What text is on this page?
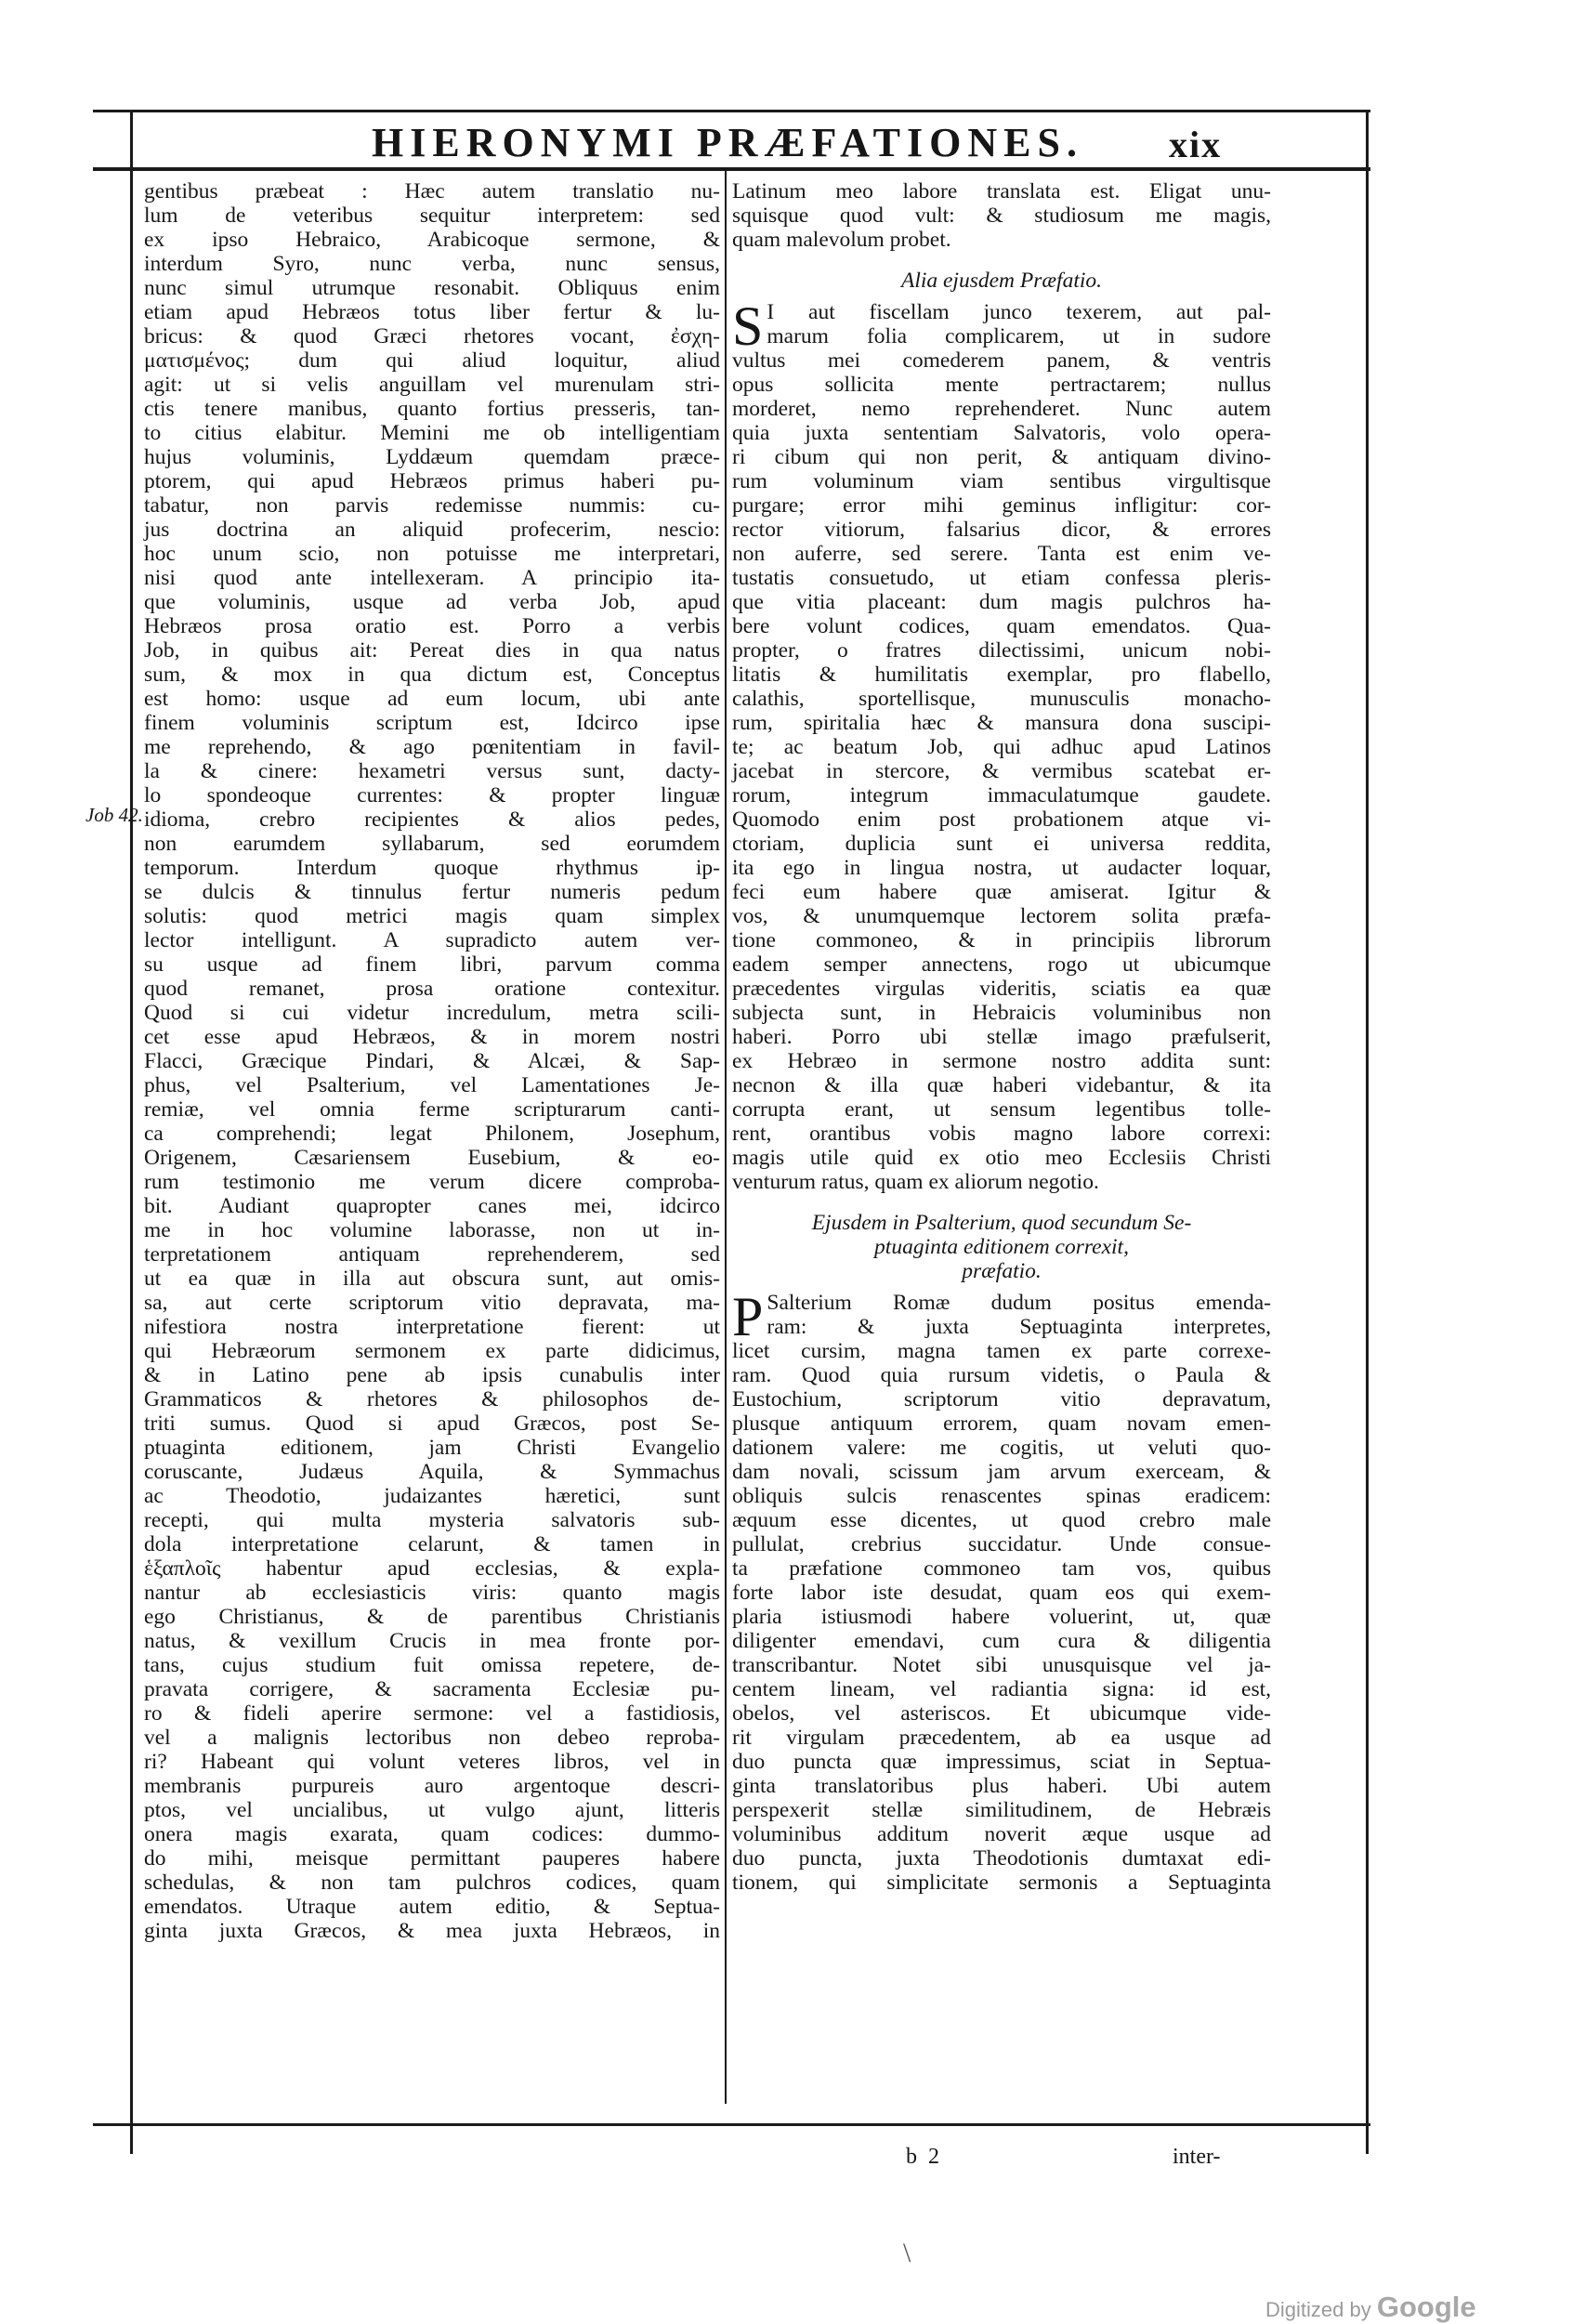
HIERONYMI PRÆFATIONES.	xix
Job 42.
gentibus præbeat : Hæc autem translatio nu-
lum de veteribus sequitur interpretem: sed
ex ipso Hebraico, Arabicoque sermone, &
interdum Syro, nunc verba, nunc sensus,
nunc simul utrumque resonabit. Obliquus enim
etiam apud Hebræos totus liber fertur & lu-
bricus: & quod Græci rhetores vocant, ἐσχη-
ματισμένος; dum qui aliud loquitur, aliud
agit: ut si velis anguillam vel murenulam stri-
ctis tenere manibus, quanto fortius presseris, tan-
to citius elabitur. Memini me ob intelligentiam
hujus voluminis, Lyddæum quemdam præce-
ptorem, qui apud Hebræos primus haberi pu-
tabatur, non parvis redemisse nummis: cu-
jus doctrina an aliquid profecerim, nescio:
hoc unum scio, non potuisse me interpretari,
nisi quod ante intellexeram. A principio ita-
que voluminis, usque ad verba Job, apud
Hebræos prosa oratio est. Porro a verbis
Job, in quibus ait: Pereat dies in qua natus
sum, & mox in qua dictum est, Conceptus
est homo: usque ad eum locum, ubi ante
finem voluminis scriptum est, Idcirco ipse
me reprehendo, & ago pœnitentiam in favil-
la & cinere: hexametri versus sunt, dacty-
lo spondeoque currentes: & propter linguæ
idioma, crebro recipientes & alios pedes,
non earumdem syllabarum, sed eorumdem
temporum. Interdum quoque rhythmus ip-
se dulcis & tinnulus fertur numeris pedum
solutis: quod metrici magis quam simplex
lector intelligunt. A supradicto autem ver-
su usque ad finem libri, parvum comma
quod remanet, prosa oratione contexitur.
Quod si cui videtur incredulum, metra scili-
cet esse apud Hebræos, & in morem nostri
Flacci, Græcique Pindari, & Alcæi, & Sap-
phus, vel Psalterium, vel Lamentationes Je-
remiæ, vel omnia ferme scripturarum canti-
ca comprehendi; legat Philonem, Josephum,
Origenem, Cæsariensem Eusebium, & eo-
rum testimonio me verum dicere comproba-
bit. Audiant quapropter canes mei, idcirco
me in hoc volumine laborasse, non ut in-
terpretationem antiquam reprehenderem, sed
ut ea quæ in illa aut obscura sunt, aut omis-
sa, aut certe scriptorum vitio depravata, ma-
nifestiora nostra interpretatione fierent: ut
qui Hebræorum sermonem ex parte didicimus,
& in Latino pene ab ipsis cunabulis inter
Grammaticos & rhetores & philosophos de-
triti sumus. Quod si apud Græcos, post Se-
ptuaginta editionem, jam Christi Evangelio
coruscante, Judæus Aquila, & Symmachus
ac Theodotio, judaizantes hæretici, sunt
recepti, qui multa mysteria salvatoris sub-
dola interpretatione celarunt, & tamen in
ἑξαπλοῖς habentur apud ecclesias, & expla-
nantur ab ecclesiasticis viris: quanto magis
ego Christianus, & de parentibus Christianis
natus, & vexillum Crucis in mea fronte por-
tans, cujus studium fuit omissa repetere, de-
pravata corrigere, & sacramenta Ecclesiæ pu-
ro & fideli aperire sermone: vel a fastidiosis,
vel a malignis lectoribus non debeo reproba-
ri? Habeant qui volunt veteres libros, vel in
membranis purpureis auro argentoque descri-
ptos, vel uncialibus, ut vulgo ajunt, litteris
onera magis exarata, quam codices: dummo-
do mihi, meisque permittant pauperes habere
schedulas, & non tam pulchros codices, quam
emendatos. Utraque autem editio, & Septua-
ginta juxta Græcos, & mea juxta Hebræos, in
Latinum meo labore translata est. Eligat unu-
squisque quod vult: & studiosum me magis,
quam malevolum probet.
Alia ejusdem Præfatio.
S I aut fiscellam junco texerem, aut pal-
marum folia complicarem, ut in sudore
vultus mei comederem panem, & ventris
opus sollicita mente pertractarem; nullus
morderet, nemo reprehenderet. Nunc autem
quia juxta sententiam Salvatoris, volo opera-
ri cibum qui non perit, & antiquam divino-
rum voluminum viam sentibus virgultisque
purgare; error mihi geminus infligitur: cor-
rector vitiorum, falsarius dicor, & errores
non auferre, sed serere. Tanta est enim ve-
tustatis consuetudo, ut etiam confessa pleris-
que vitia placeant: dum magis pulchros ha-
bere volunt codices, quam emendatos. Qua-
propter, o fratres dilectissimi, unicum nobi-
litatis & humilitatis exemplar, pro flabello,
calathis, sportellisque, munusculis monacho-
rum, spiritalia hæc & mansura dona suscipi-
te; ac beatum Job, qui adhuc apud Latinos
jacebat in stercore, & vermibus scatebat er-
rorum, integrum immaculatumque gaudete.
Quomodo enim post probationem atque vi-
ctoriam, duplicia sunt ei universa reddita,
ita ego in lingua nostra, ut audacter loquar,
feci eum habere quæ amiserat. Igitur &
vos, & unumquemque lectorem solita præfa-
tione commoneo, & in principiis librorum
eadem semper annectens, rogo ut ubicumque
præcedentes virgulas videritis, sciatis ea quæ
subjecta sunt, in Hebraicis voluminibus non
haberi. Porro ubi stellæ imago præfulserit,
ex Hebræo in sermone nostro addita sunt:
necnon & illa quæ haberi videbantur, & ita
corrupta erant, ut sensum legentibus tolle-
rent, orantibus vobis magno labore correxi:
magis utile quid ex otio meo Ecclesiis Christi
venturum ratus, quam ex aliorum negotio.
Ejusdem in Psalterium, quod secundum Se-
ptuaginta editionem correxit,
præfatio.
P Salterium Romæ dudum positus emenda-
ram: & juxta Septuaginta interpretes,
licet cursim, magna tamen ex parte correxe-
ram. Quod quia rursum videtis, o Paula &
Eustochium, scriptorum vitio depravatum,
plusque antiquum errorem, quam novam emen-
dationem valere: me cogitis, ut veluti quo-
dam novali, scissum jam arvum exerceam, &
obliquis sulcis renascentes spinas eradicem:
æquum esse dicentes, ut quod crebro male
pullulat, crebrius succidatur. Unde consue-
ta præfatione commoneo tam vos, quibus
forte labor iste desudat, quam eos qui exem-
plaria istiusmodi habere voluerint, ut, quæ
diligenter emendavi, cum cura & diligentia
transcribantur. Notet sibi unusquisque vel ja-
centem lineam, vel radiantia signa: id est,
obelos, vel asteriscos. Et ubicumque vide-
rit virgulam præcedentem, ab ea usque ad
duo puncta quæ impressimus, sciat in Septua-
ginta translatoribus plus haberi. Ubi autem
perspexerit stellæ similitudinem, de Hebræis
voluminibus additum noverit æque usque ad
duo puncta, juxta Theodotionis dumtaxat edi-
tionem, qui simplicitate sermonis a Septuaginta
b 2	inter-
\
Digitized by Google
